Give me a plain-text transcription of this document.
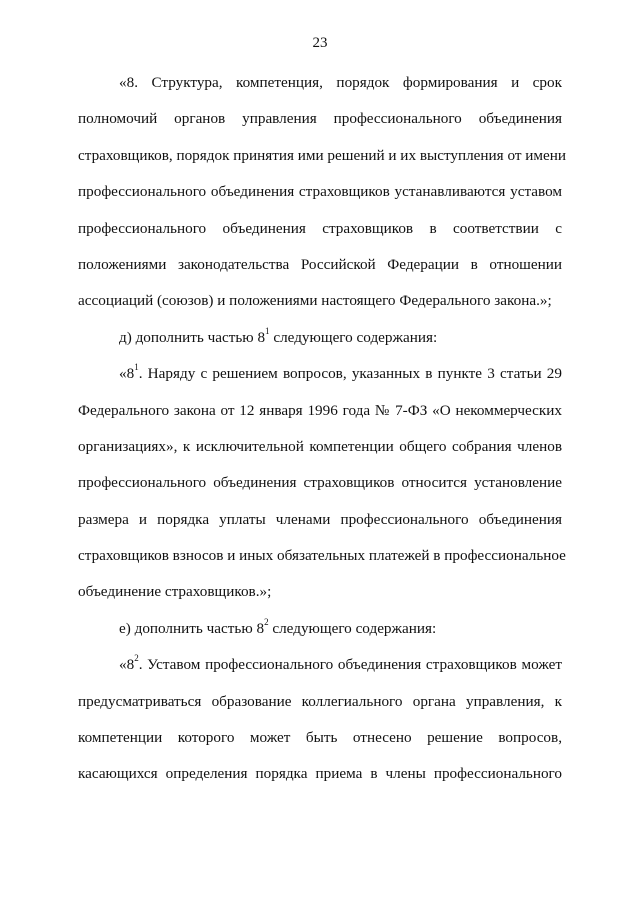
23
«8. Структура, компетенция, порядок формирования и срок
полномочий органов управления профессионального объединения
страховщиков, порядок принятия ими решений и их выступления от имени
профессионального объединения страховщиков устанавливаются уставом
профессионального объединения страховщиков в соответствии с
положениями законодательства Российской Федерации в отношении
ассоциаций (союзов) и положениями настоящего Федерального закона.»;
д) дополнить частью $8^1$ следующего содержания:
«$8^1$. Наряду с решением вопросов, указанных в пункте 3 статьи 29
Федерального закона от 12 января 1996 года № 7-ФЗ «О некоммерческих
организациях», к исключительной компетенции общего собрания членов
профессионального объединения страховщиков относится установление
размера и порядка уплаты членами профессионального объединения
страховщиков взносов и иных обязательных платежей в профессиональное
объединение страховщиков.»;
е) дополнить частью $8^2$ следующего содержания:
«$8^2$. Уставом профессионального объединения страховщиков может
предусматриваться образование коллегиального органа управления, к
компетенции которого может быть отнесено решение вопросов,
касающихся определения порядка приема в члены профессионального
